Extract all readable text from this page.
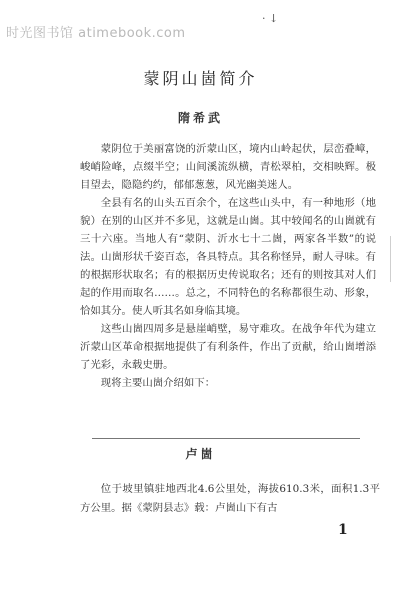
时光图书馆 atimebook.com
· ↓
蒙阴山崮简介
隋希武

蒙阴位于美丽富饶的沂蒙山区，境内山岭起伏，层峦叠嶂，峻峭险峰，点缀半空；山间溪流纵横，青松翠柏，交相映辉。极目望去，隐隐约约，郁郁葱葱，风光幽美迷人。

全县有名的山头五百余个，在这些山头中，有一种地形（地貌）在别的山区并不多见，这就是山崮。其中较闻名的山崮就有三十六座。当地人有“蒙阴、沂水七十二崮，两家各半数”的说法。山崮形状千姿百态，各具特点。其名称怪异，耐人寻味。有的根据形状取名；有的根据历史传说取名；还有的则按其对人们起的作用而取名……。总之，不同特色的名称都很生动、形象，恰如其分。使人听其名如身临其境。

这些山崮四周多是悬崖峭壁，易守难攻。在战争年代为建立沂蒙山区革命根据地提供了有利条件，作出了贡献，给山崮增添了光彩，永载史册。

现将主要山崮介绍如下：

卢崮

位于坡里镇驻地西北4.6公里处，海拔610.3米，面积1.3平方公里。据《蒙阴县志》载：卢崮山下有古

1
